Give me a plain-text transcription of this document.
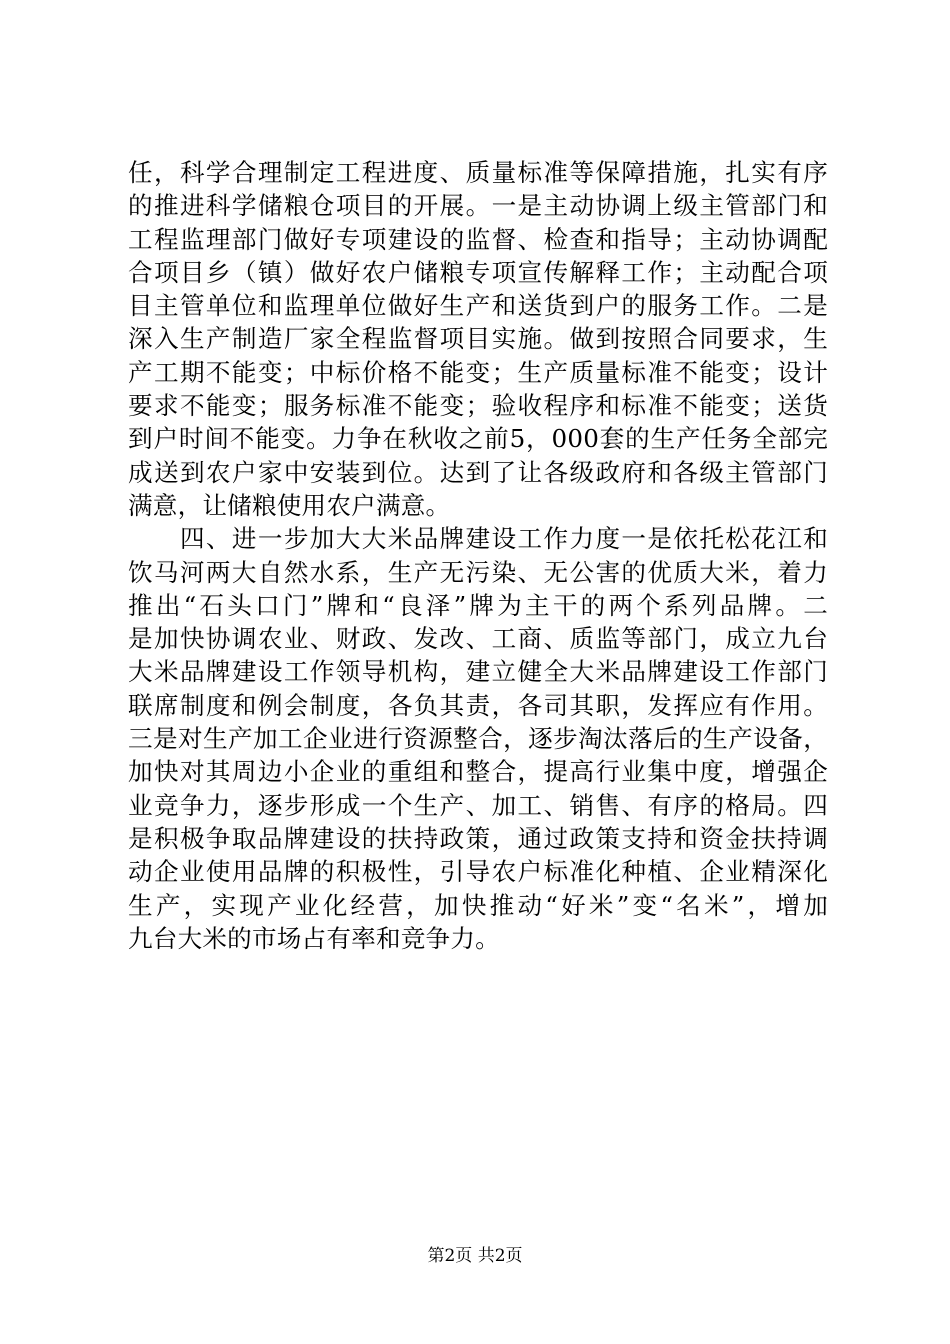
任，科学合理制定工程进度、质量标准等保障措施，扎实有序
的推进科学储粮仓项目的开展。一是主动协调上级主管部门和
工程监理部门做好专项建设的监督、检查和指导；主动协调配
合项目乡（镇）做好农户储粮专项宣传解释工作；主动配合项
目主管单位和监理单位做好生产和送货到户的服务工作。二是
深入生产制造厂家全程监督项目实施。做到按照合同要求，生
产工期不能变；中标价格不能变；生产质量标准不能变；设计
要求不能变；服务标准不能变；验收程序和标准不能变；送货
到户时间不能变。力争在秋收之前5，000套的生产任务全部完
成送到农户家中安装到位。达到了让各级政府和各级主管部门
满意，让储粮使用农户满意。
　　四、进一步加大大米品牌建设工作力度一是依托松花江和
饮马河两大自然水系，生产无污染、无公害的优质大米，着力
推出“石头口门”牌和“良泽”牌为主干的两个系列品牌。二
是加快协调农业、财政、发改、工商、质监等部门，成立九台
大米品牌建设工作领导机构，建立健全大米品牌建设工作部门
联席制度和例会制度，各负其责，各司其职，发挥应有作用。
三是对生产加工企业进行资源整合，逐步淘汰落后的生产设备，
加快对其周边小企业的重组和整合，提高行业集中度，增强企
业竞争力，逐步形成一个生产、加工、销售、有序的格局。四
是积极争取品牌建设的扶持政策，通过政策支持和资金扶持调
动企业使用品牌的积极性，引导农户标准化种植、企业精深化
生产，实现产业化经营，加快推动“好米”变“名米”，增加
九台大米的市场占有率和竞争力。
第2页 共2页
